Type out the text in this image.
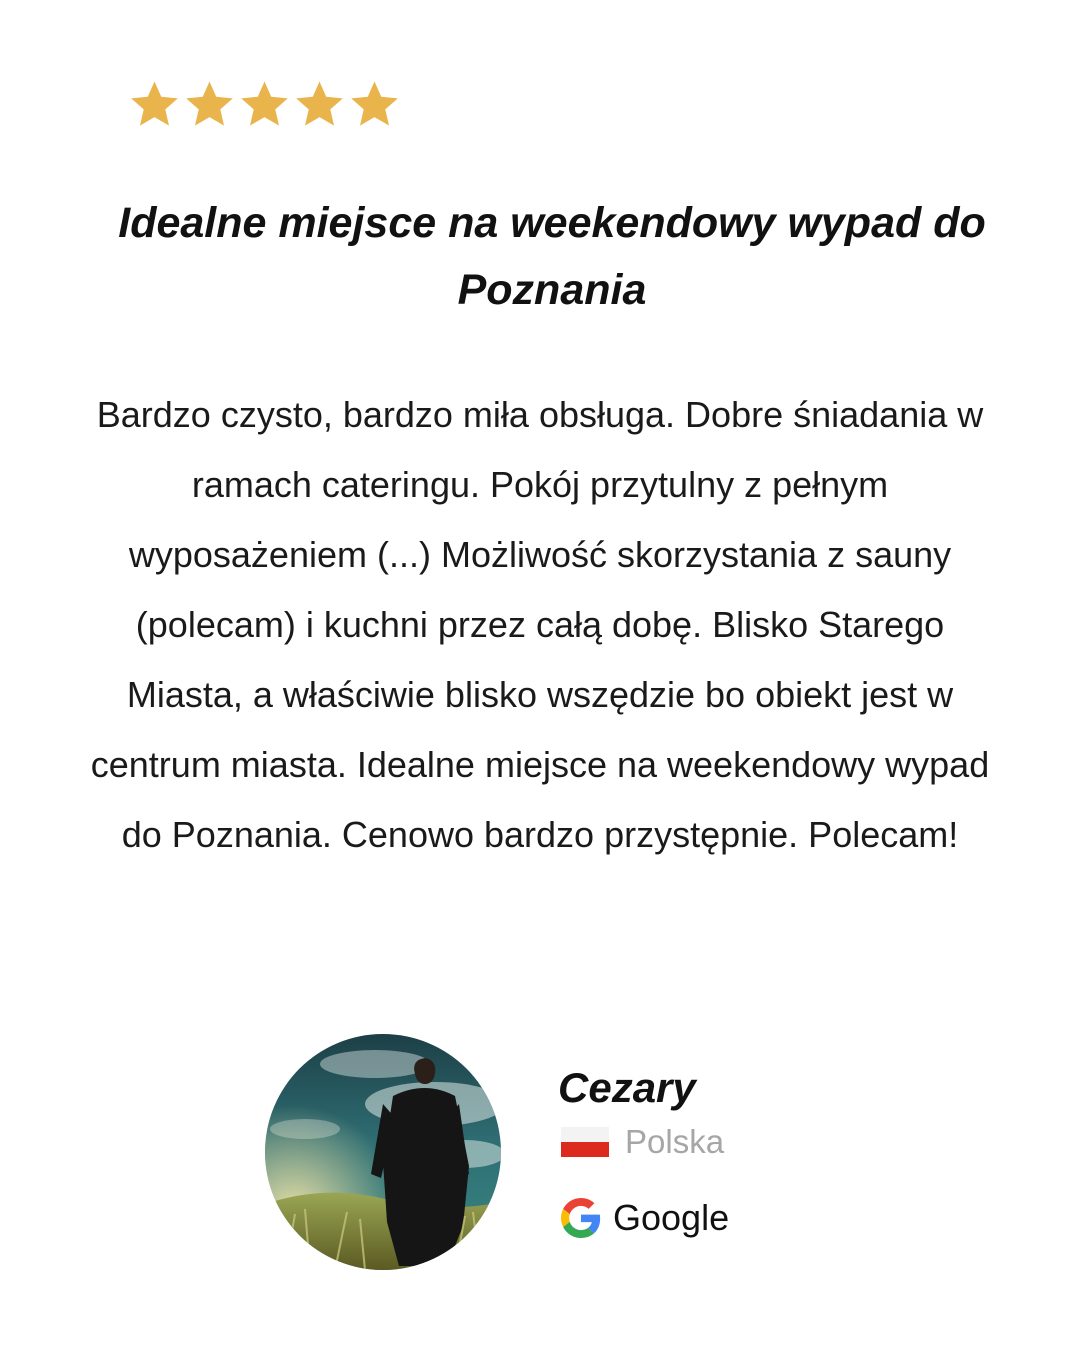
Idealne miejsce na weekendowy wypad do Poznania

Bardzo czysto, bardzo miła obsługa. Dobre śniadania w ramach cateringu. Pokój przytulny z pełnym wyposażeniem (...) Możliwość skorzystania z sauny (polecam) i kuchni przez całą dobę. Blisko Starego Miasta, a właściwie blisko wszędzie bo obiekt jest w centrum miasta. Idealne miejsce na weekendowy wypad do Poznania. Cenowo bardzo przystępnie. Polecam!

Cezary
Polska
Google
